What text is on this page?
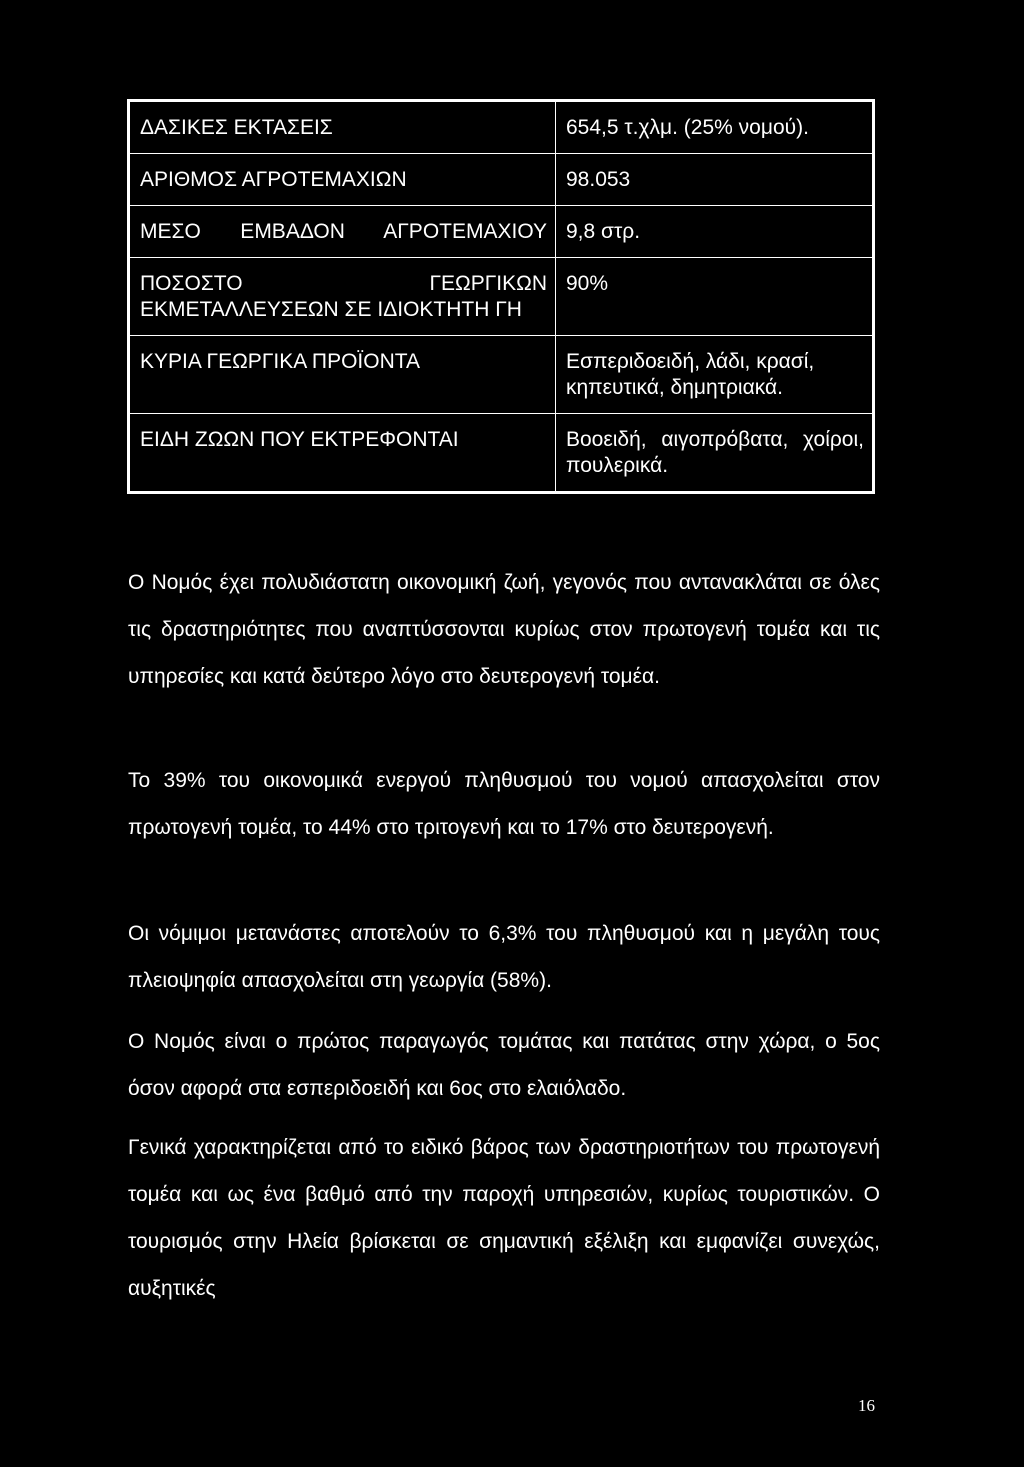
ΔΑΣΙΚΕΣ ΕΚΤΑΣΕΙΣ	654,5 τ.χλμ. (25% νομού).
ΑΡΙΘΜΟΣ ΑΓΡΟΤΕΜΑΧΙΩΝ	98.053
ΜΕΣΟ ΕΜΒΑΔΟΝ ΑΓΡΟΤΕΜΑΧΙΟΥ	9,8 στρ.
ΠΟΣΟΣΤΟ ΓΕΩΡΓΙΚΩΝ ΕΚΜΕΤΑΛΛΕΥΣΕΩΝ ΣΕ ΙΔΙΟΚΤΗΤΗ ΓΗ	90%
ΚΥΡΙΑ ΓΕΩΡΓΙΚΑ ΠΡΟΪΟΝΤΑ	Εσπεριδοειδή, λάδι, κρασί, κηπευτικά, δημητριακά.
ΕΙΔΗ ΖΩΩΝ ΠΟΥ ΕΚΤΡΕΦΟΝΤΑΙ	Βοοειδή, αιγοπρόβατα, χοίροι, πουλερικά.

Ο Νομός έχει πολυδιάστατη οικονομική ζωή, γεγονός που αντανακλάται σε όλες τις δραστηριότητες που αναπτύσσονται κυρίως στον πρωτογενή τομέα και τις υπηρεσίες και κατά δεύτερο λόγο στο δευτερογενή τομέα.

Το 39% του οικονομικά ενεργού πληθυσμού του νομού απασχολείται στον πρωτογενή τομέα, το 44% στο τριτογενή και το 17% στο δευτερογενή.

Οι νόμιμοι μετανάστες αποτελούν το 6,3% του πληθυσμού και η μεγάλη τους πλειοψηφία απασχολείται στη γεωργία (58%).

Ο Νομός είναι ο πρώτος παραγωγός τομάτας και πατάτας στην χώρα, ο 5ος όσον αφορά στα εσπεριδοειδή και 6ος στο ελαιόλαδο.

Γενικά χαρακτηρίζεται από το ειδικό βάρος των δραστηριοτήτων του πρωτογενή τομέα και ως ένα βαθμό από την παροχή υπηρεσιών, κυρίως τουριστικών. Ο τουρισμός στην Ηλεία βρίσκεται σε σημαντική εξέλιξη και εμφανίζει συνεχώς, αυξητικές

16
